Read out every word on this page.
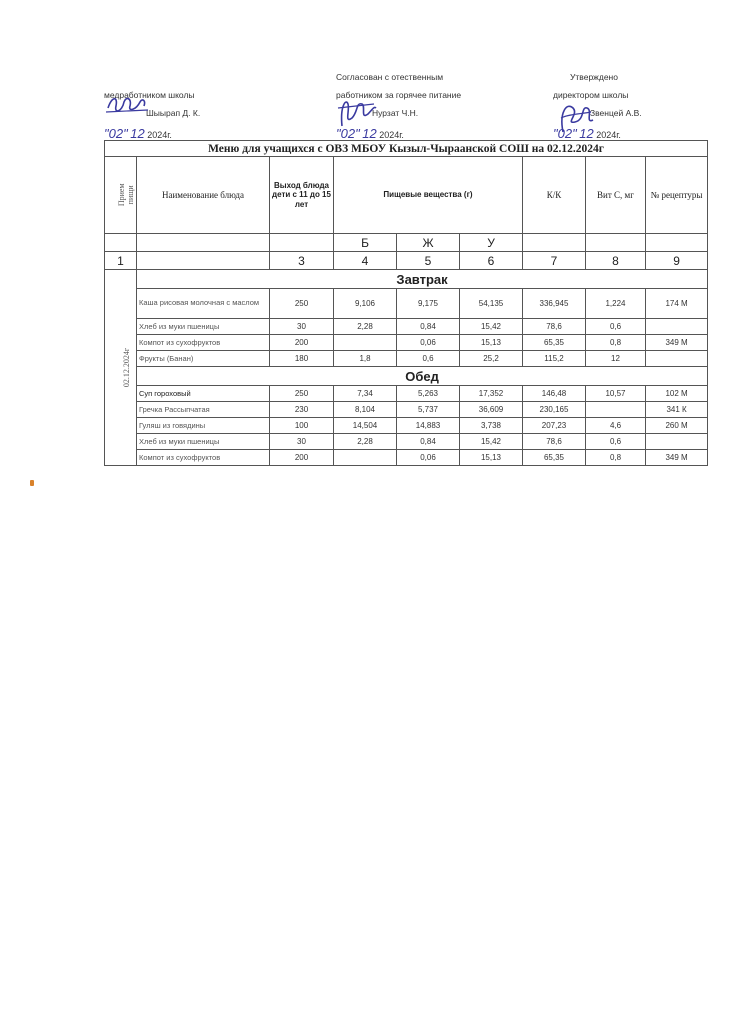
Согласован с отественным	Утверждено
медработником школы	работником за горячее питание	директором школы
Шыырап Д. К.	Нурзат Ч.Н.	Звенцей А.В.
"02" 12 2024г.	"02" 12 2024г.	"02" 12 2024г.
Меню для учащихся с ОВЗ МБОУ Кызыл-Чыраанской СОШ на 02.12.2024г								
Прием пищи	Наименование блюда	Выход блюда дети с 11 до 15 лет	Пищевые вещества (г)			К/К	Вит С, мг	№ рецептуры

			Б	Ж	У			
1		3	4	5	6	7	8	9
02.12.2024г	Завтрак							
	Каша рисовая молочная с маслом	250	9,106	9,175	54,135	336,945	1,224	174 М
	Хлеб из муки пшеницы	30	2,28	0,84	15,42	78,6	0,6	
	Компот из сухофруктов	200		0,06	15,13	65,35	0,8	349 М
	Фрукты (Банан)	180	1,8	0,6	25,2	115,2	12	
	Обед							
	Суп гороховый	250	7,34	5,263	17,352	146,48	10,57	102 М
	Гречка Рассыпчатая	230	8,104	5,737	36,609	230,165		341 К
	Гуляш из говядины	100	14,504	14,883	3,738	207,23	4,6	260 М
	Хлеб из муки пшеницы	30	2,28	0,84	15,42	78,6	0,6	
	Компот из сухофруктов	200		0,06	15,13	65,35	0,8	349 М
